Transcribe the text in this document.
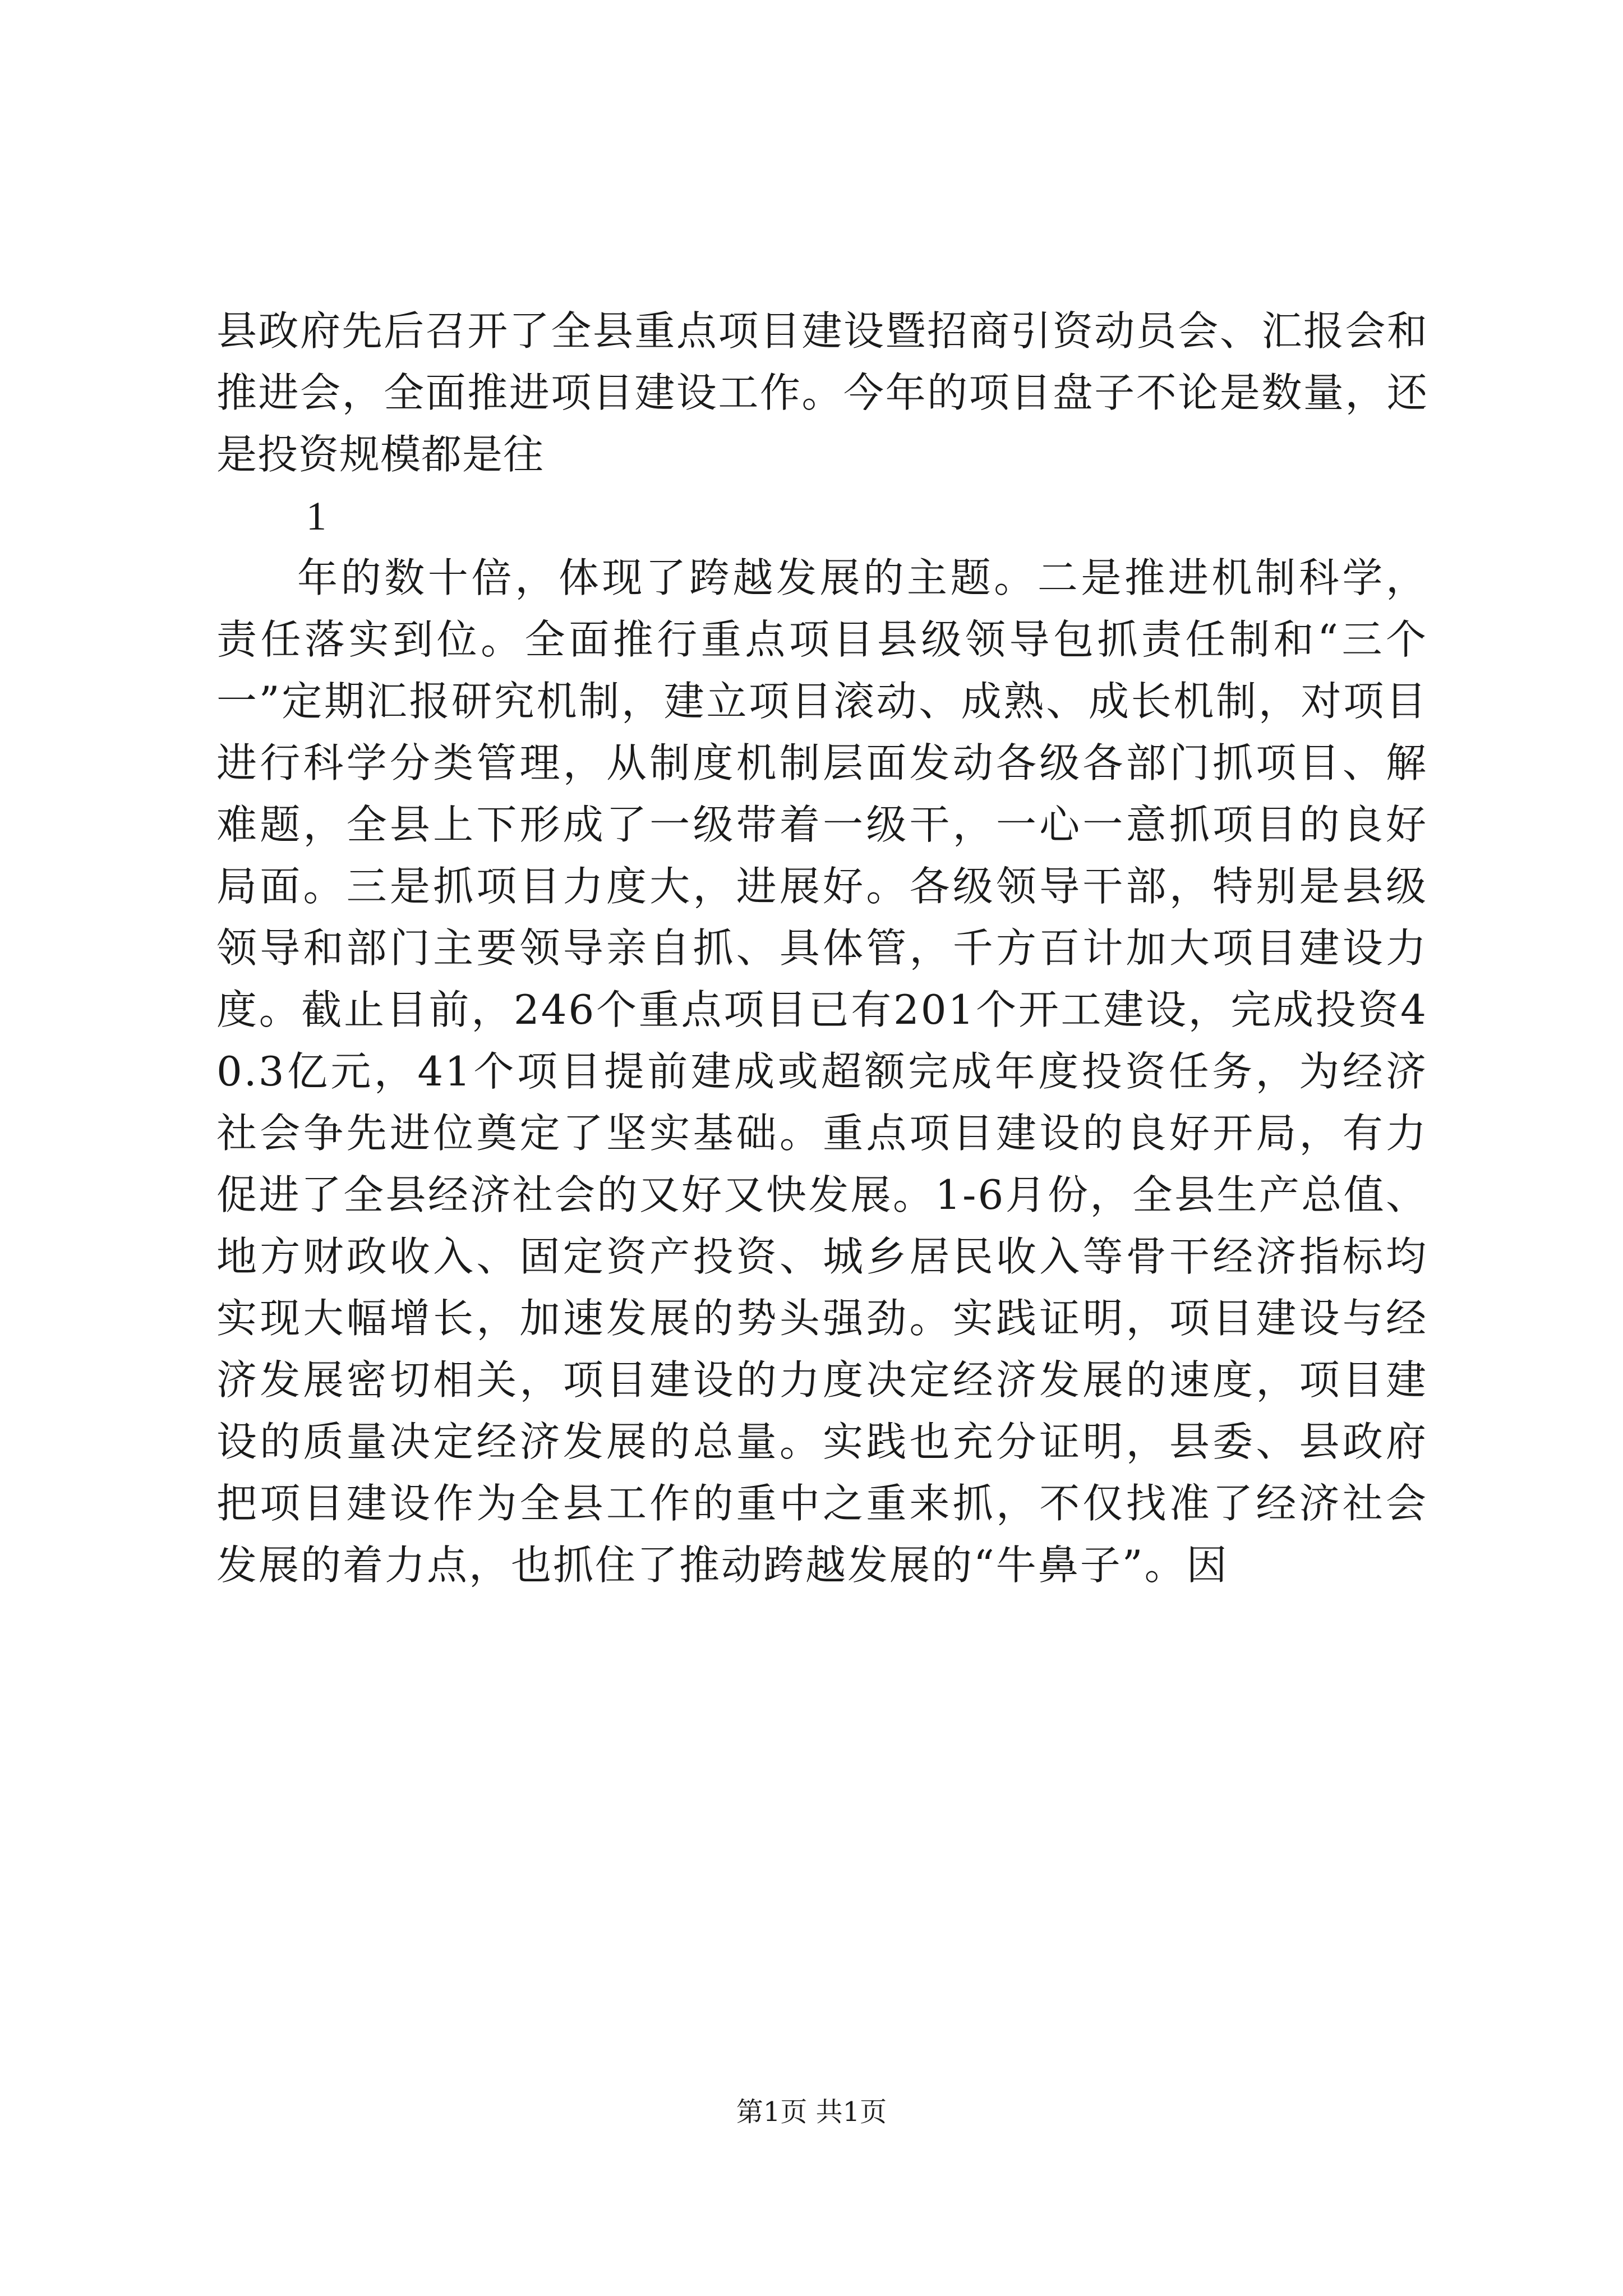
县政府先后召开了全县重点项目建设暨招商引资动员会、汇报会和推进会，全面推进项目建设工作。今年的项目盘子不论是数量，还是投资规模都是往

1

年的数十倍，体现了跨越发展的主题。二是推进机制科学，责任落实到位。全面推行重点项目县级领导包抓责任制和“三个一”定期汇报研究机制，建立项目滚动、成熟、成长机制，对项目进行科学分类管理，从制度机制层面发动各级各部门抓项目、解难题，全县上下形成了一级带着一级干，一心一意抓项目的良好局面。三是抓项目力度大，进展好。各级领导干部，特别是县级领导和部门主要领导亲自抓、具体管，千方百计加大项目建设力度。截止目前，246个重点项目已有201个开工建设，完成投资40.3亿元，41个项目提前建成或超额完成年度投资任务，为经济社会争先进位奠定了坚实基础。重点项目建设的良好开局，有力促进了全县经济社会的又好又快发展。1-6月份，全县生产总值、地方财政收入、固定资产投资、城乡居民收入等骨干经济指标均实现大幅增长，加速发展的势头强劲。实践证明，项目建设与经济发展密切相关，项目建设的力度决定经济发展的速度，项目建设的质量决定经济发展的总量。实践也充分证明，县委、县政府把项目建设作为全县工作的重中之重来抓，不仅找准了经济社会发展的着力点，也抓住了推动跨越发展的“牛鼻子”。因

第1页 共1页
